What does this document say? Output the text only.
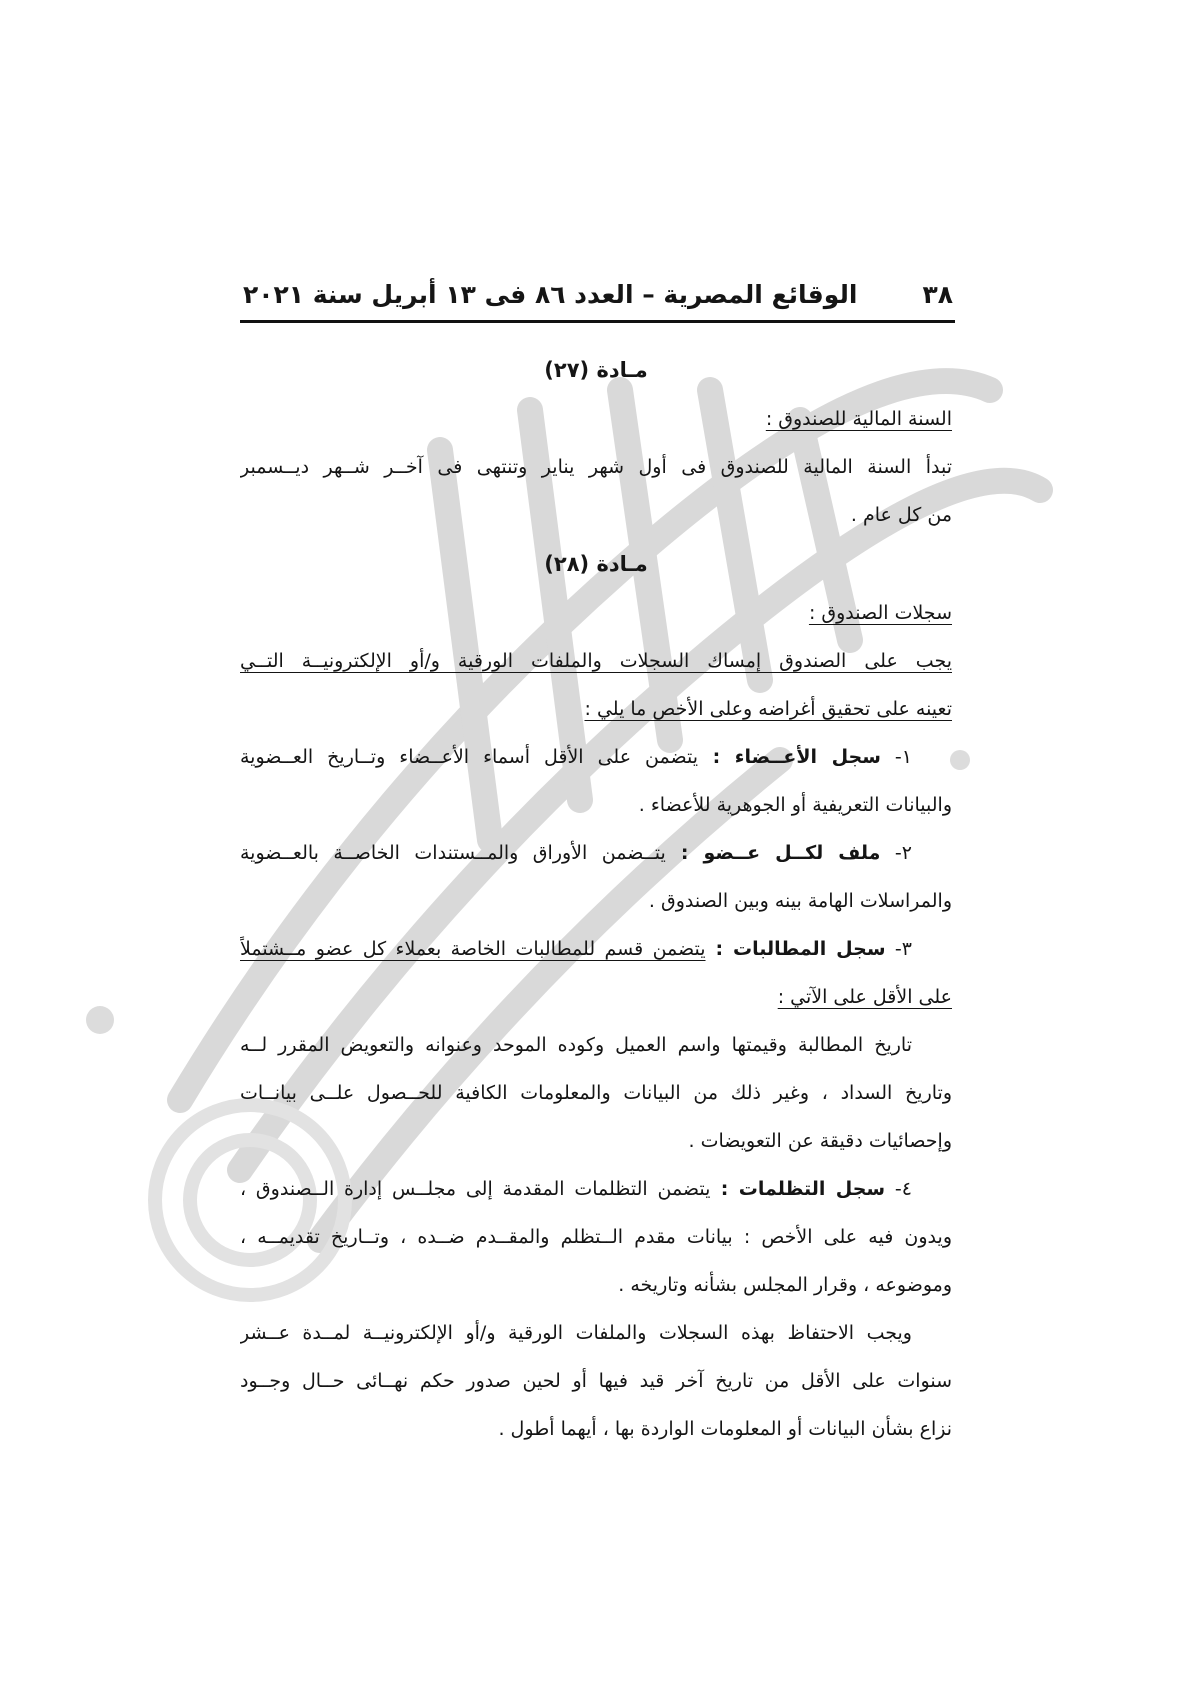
٣٨
الوقائع المصرية – العدد ٨٦ فى ١٣ أبريل سنة ٢٠٢١
مـادة (٢٧)
السنة المالية للصندوق :
تبدأ السنة المالية للصندوق فى أول شهر يناير وتنتهى فى آخــر شــهر ديــسمبر
من كل عام .
مـادة (٢٨)
سجلات الصندوق :
يجب على الصندوق إمساك السجلات والملفات الورقية و/أو الإلكترونيــة التــي
تعينه على تحقيق أغراضه وعلى الأخص ما يلي :
١- سجل الأعــضاء : يتضمن على الأقل أسماء الأعــضاء وتــاريخ العــضوية
والبيانات التعريفية أو الجوهرية للأعضاء .
٢- ملف لكــل عــضو : يتــضمن الأوراق والمــستندات الخاصــة بالعــضوية
والمراسلات الهامة بينه وبين الصندوق .
٣- سجل المطالبات : يتضمن قسم للمطالبات الخاصة بعملاء كل عضو مــشتملاً
على الأقل على الآتي :
تاريخ المطالبة وقيمتها واسم العميل وكوده الموحد وعنوانه والتعويض المقرر لــه
وتاريخ السداد ، وغير ذلك من البيانات والمعلومات الكافية للحــصول علــى بيانــات
وإحصائيات دقيقة عن التعويضات .
٤- سجل التظلمات : يتضمن التظلمات المقدمة إلى مجلــس إدارة الــصندوق ،
ويدون فيه على الأخص : بيانات مقدم الــتظلم والمقــدم ضــده ، وتــاريخ تقديمــه ،
وموضوعه ، وقرار المجلس بشأنه وتاريخه .
ويجب الاحتفاظ بهذه السجلات والملفات الورقية و/أو الإلكترونيــة لمــدة عــشر
سنوات على الأقل من تاريخ آخر قيد فيها أو لحين صدور حكم نهــائى حــال وجــود
نزاع بشأن البيانات أو المعلومات الواردة بها ، أيهما أطول .
